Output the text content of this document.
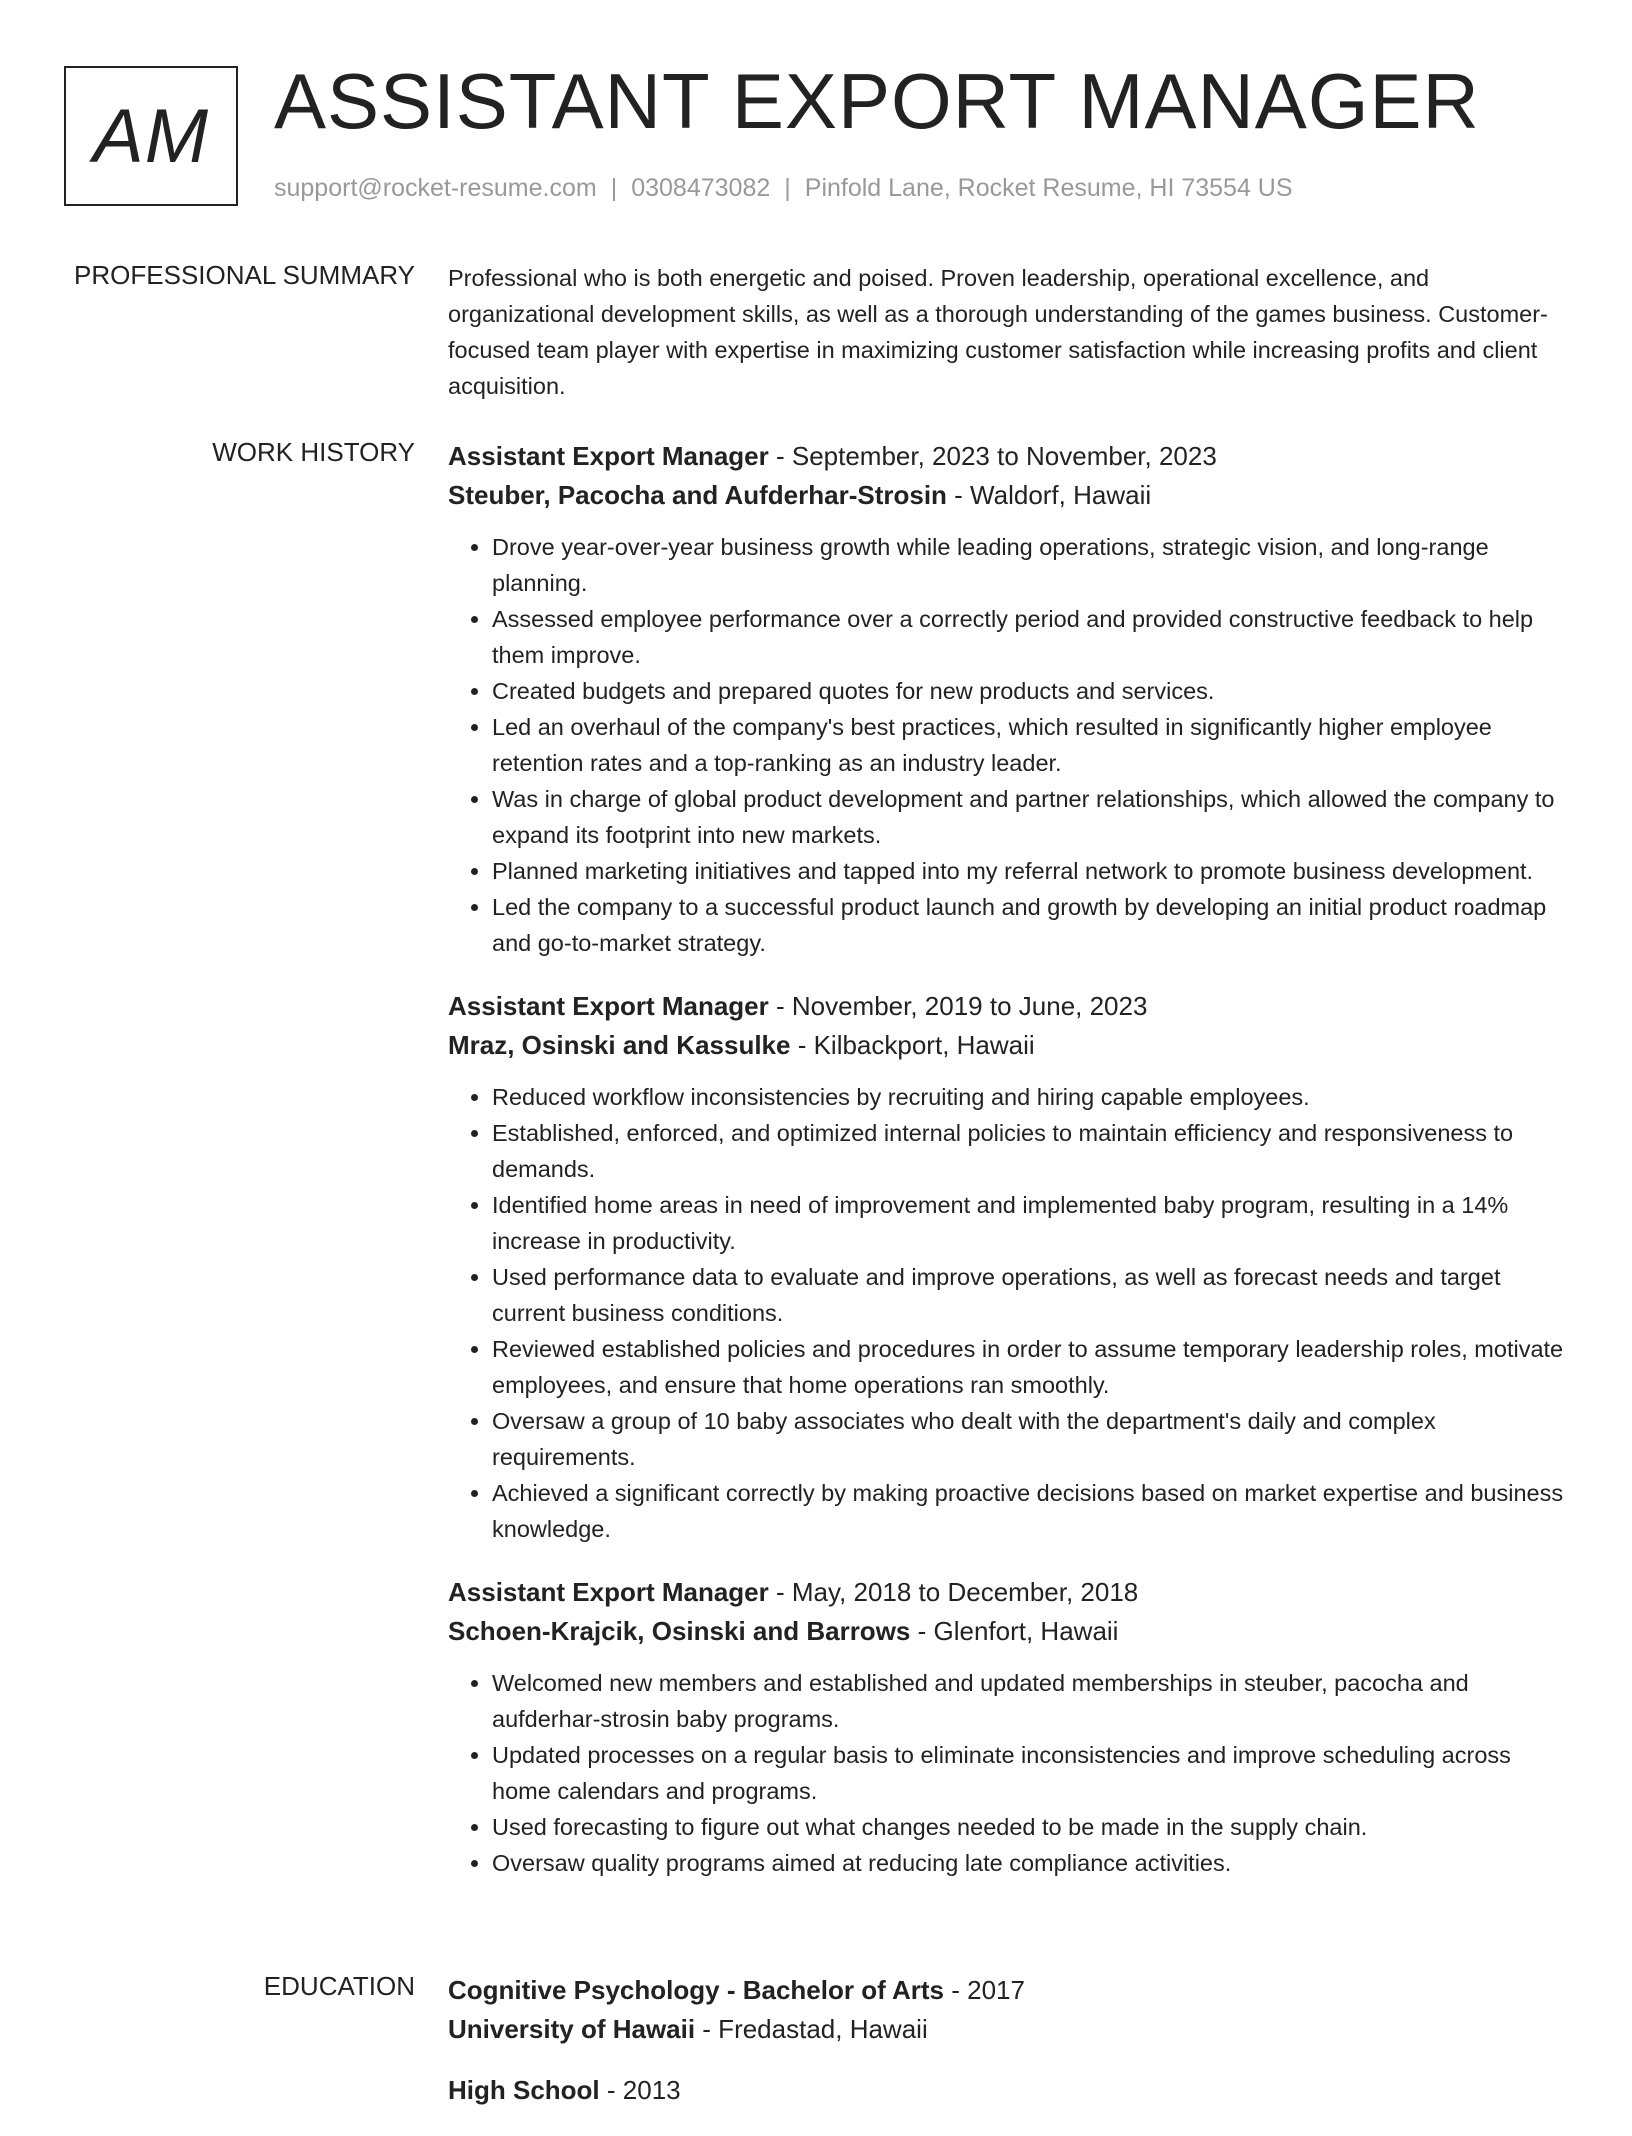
AM ASSISTANT EXPORT MANAGER
support@rocket-resume.com | 0308473082 | Pinfold Lane, Rocket Resume, HI 73554 US
PROFESSIONAL SUMMARY Professional who is both energetic and poised. Proven leadership, operational excellence, and organizational development skills, as well as a thorough understanding of the games business. Customer-focused team player with expertise in maximizing customer satisfaction while increasing profits and client acquisition.
WORK HISTORY Assistant Export Manager - September, 2023 to November, 2023
Steuber, Pacocha and Aufderhar-Strosin - Waldorf, Hawaii
• Drove year-over-year business growth while leading operations, strategic vision, and long-range planning.
• Assessed employee performance over a correctly period and provided constructive feedback to help them improve.
• Created budgets and prepared quotes for new products and services.
• Led an overhaul of the company's best practices, which resulted in significantly higher employee retention rates and a top-ranking as an industry leader.
• Was in charge of global product development and partner relationships, which allowed the company to expand its footprint into new markets.
• Planned marketing initiatives and tapped into my referral network to promote business development.
• Led the company to a successful product launch and growth by developing an initial product roadmap and go-to-market strategy.
Assistant Export Manager - November, 2019 to June, 2023
Mraz, Osinski and Kassulke - Kilbackport, Hawaii
• Reduced workflow inconsistencies by recruiting and hiring capable employees.
• Established, enforced, and optimized internal policies to maintain efficiency and responsiveness to demands.
• Identified home areas in need of improvement and implemented baby program, resulting in a 14% increase in productivity.
• Used performance data to evaluate and improve operations, as well as forecast needs and target current business conditions.
• Reviewed established policies and procedures in order to assume temporary leadership roles, motivate employees, and ensure that home operations ran smoothly.
• Oversaw a group of 10 baby associates who dealt with the department's daily and complex requirements.
• Achieved a significant correctly by making proactive decisions based on market expertise and business knowledge.
Assistant Export Manager - May, 2018 to December, 2018
Schoen-Krajcik, Osinski and Barrows - Glenfort, Hawaii
• Welcomed new members and established and updated memberships in steuber, pacocha and aufderhar-strosin baby programs.
• Updated processes on a regular basis to eliminate inconsistencies and improve scheduling across home calendars and programs.
• Used forecasting to figure out what changes needed to be made in the supply chain.
• Oversaw quality programs aimed at reducing late compliance activities.
EDUCATION Cognitive Psychology - Bachelor of Arts - 2017
University of Hawaii - Fredastad, Hawaii
High School - 2013
